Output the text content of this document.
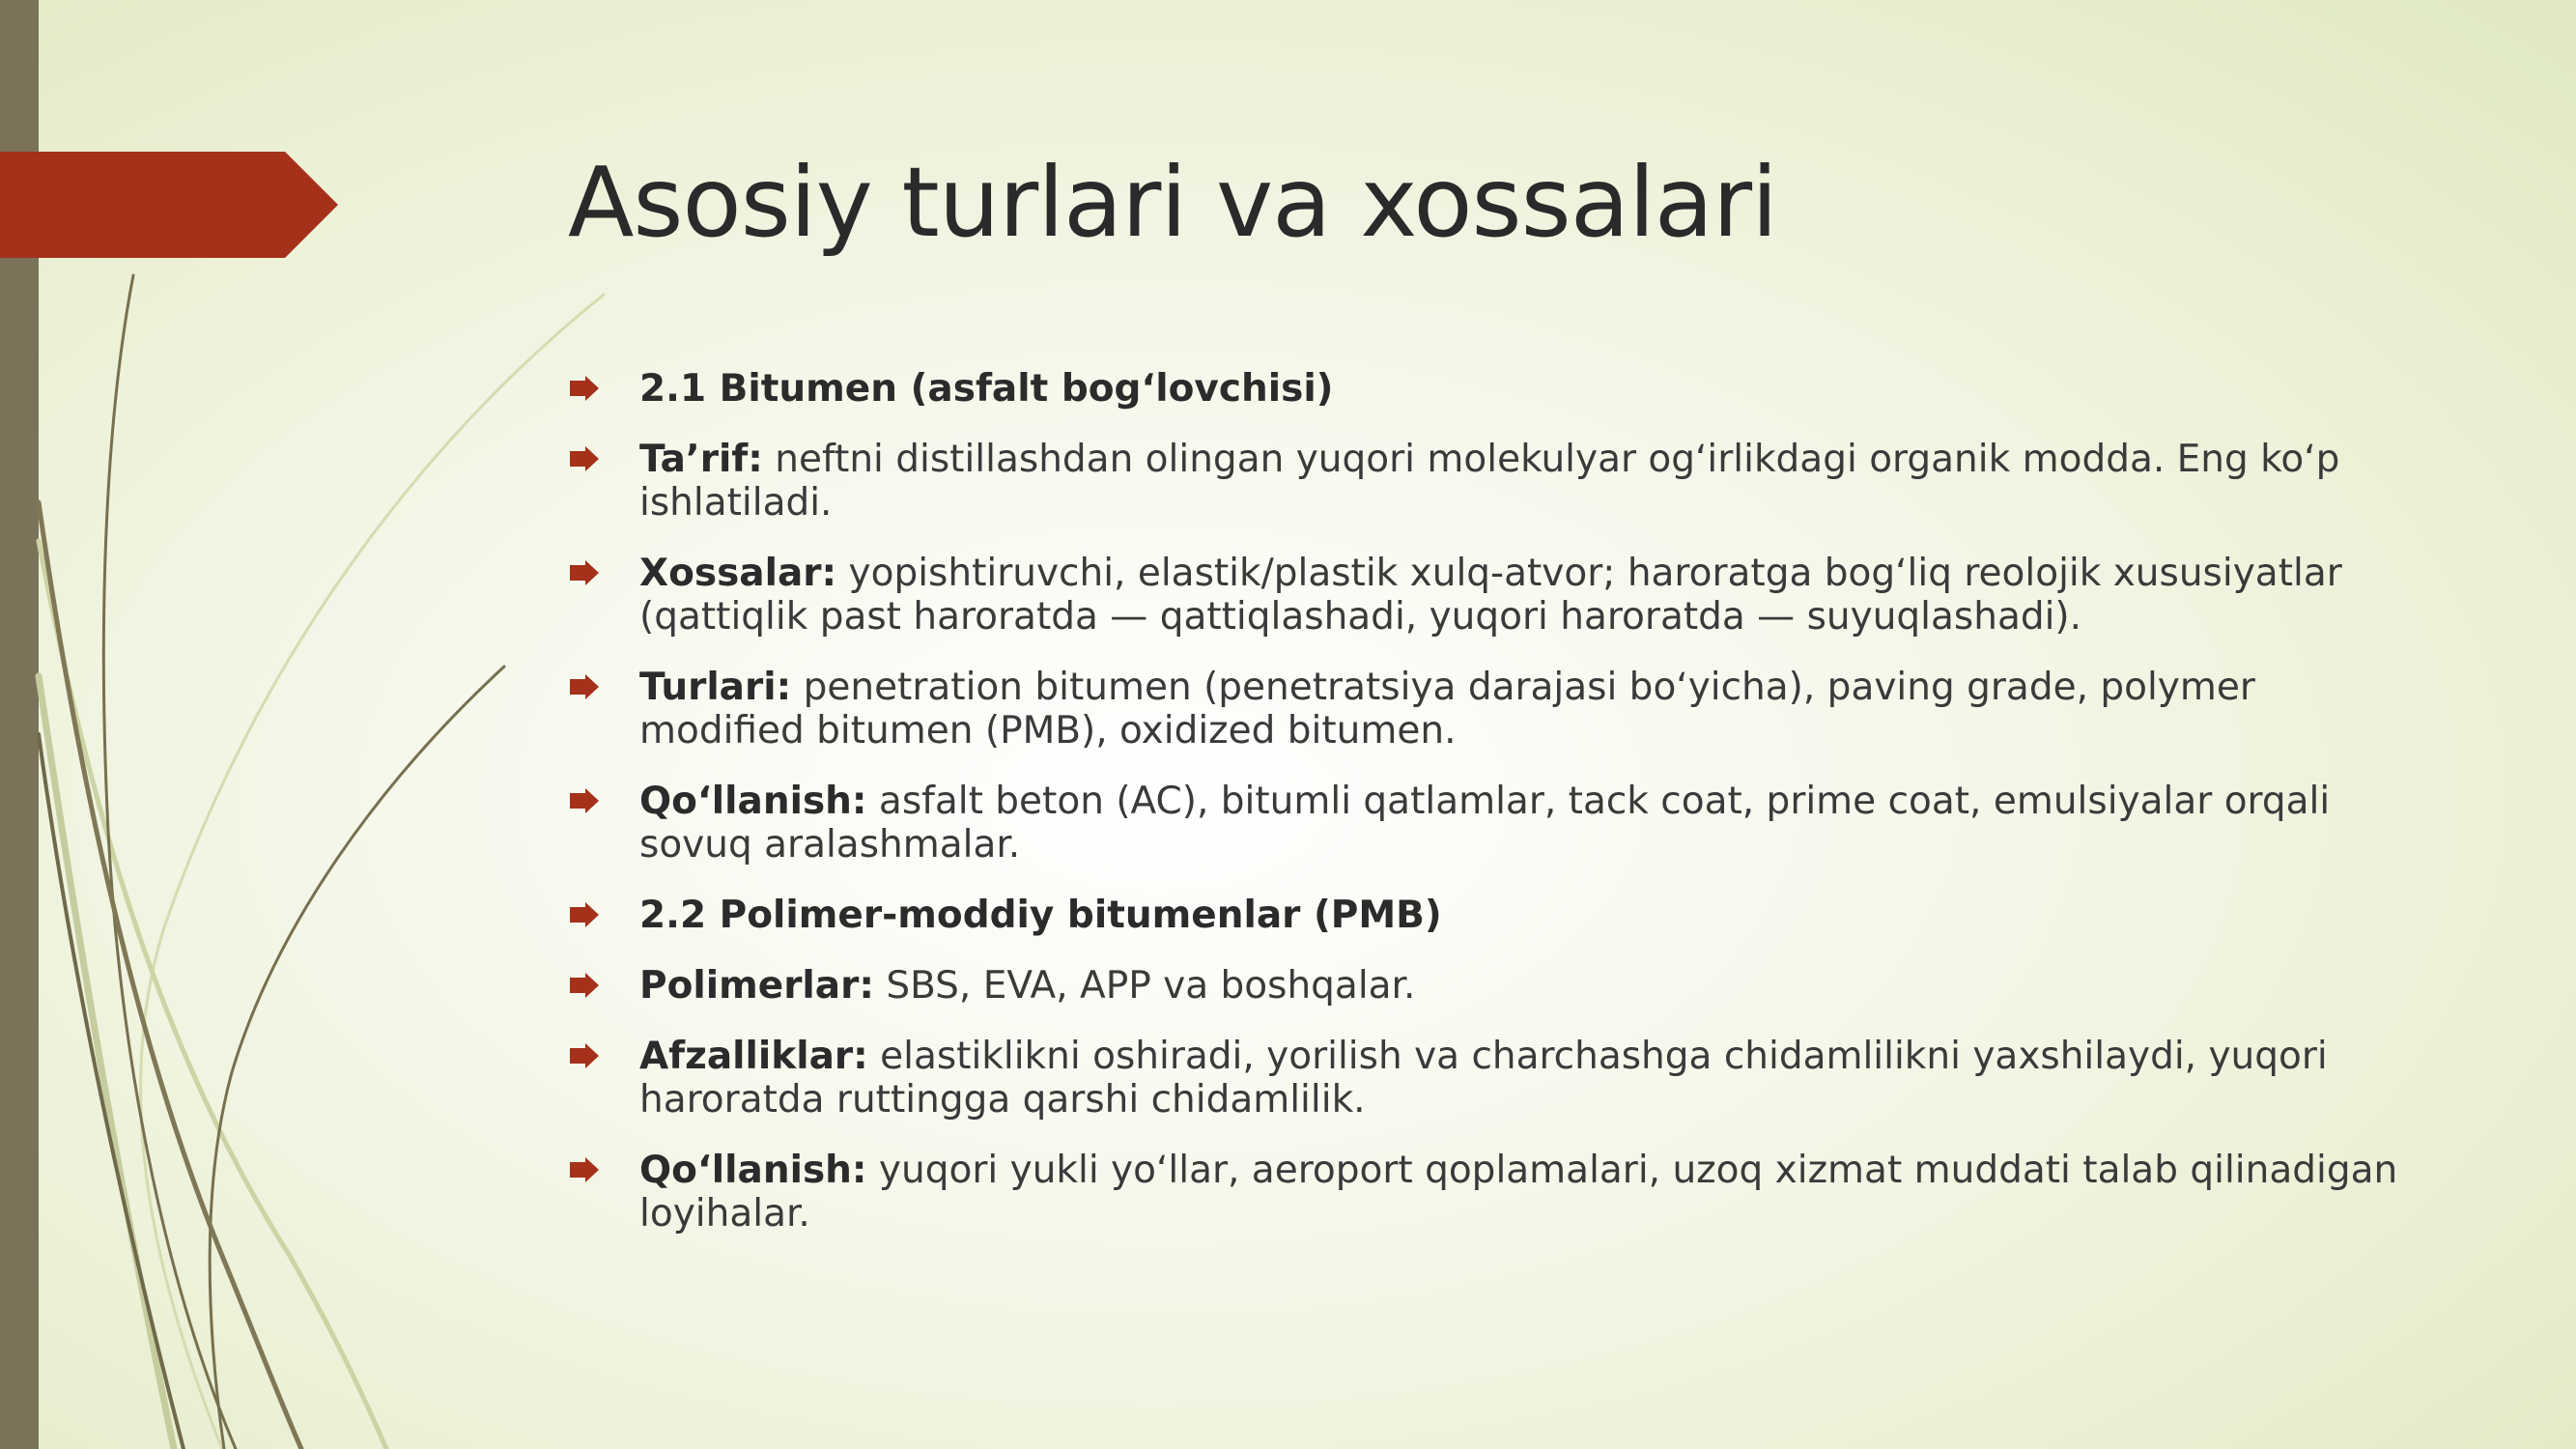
Asosiy turlari va xossalari
2.1 Bitumen (asfalt bog‘lovchisi)
Ta’rif: neftni distillashdan olingan yuqori molekulyar og‘irlikdagi organik modda. Eng ko‘p ishlatiladi.
Xossalar: yopishtiruvchi, elastik/plastik xulq-atvor; haroratga bog‘liq reolojik xususiyatlar (qattiqlik past haroratda — qattiqlashadi, yuqori haroratda — suyuqlashadi).
Turlari: penetration bitumen (penetratsiya darajasi bo‘yicha), paving grade, polymer modified bitumen (PMB), oxidized bitumen.
Qo‘llanish: asfalt beton (AC), bitumli qatlamlar, tack coat, prime coat, emulsiyalar orqali sovuq aralashmalar.
2.2 Polimer-moddiy bitumenlar (PMB)
Polimerlar: SBS, EVA, APP va boshqalar.
Afzalliklar: elastiklikni oshiradi, yorilish va charchashga chidamlilikni yaxshilaydi, yuqori haroratda ruttingga qarshi chidamlilik.
Qo‘llanish: yuqori yukli yo‘llar, aeroport qoplamalari, uzoq xizmat muddati talab qilinadigan loyihalar.
